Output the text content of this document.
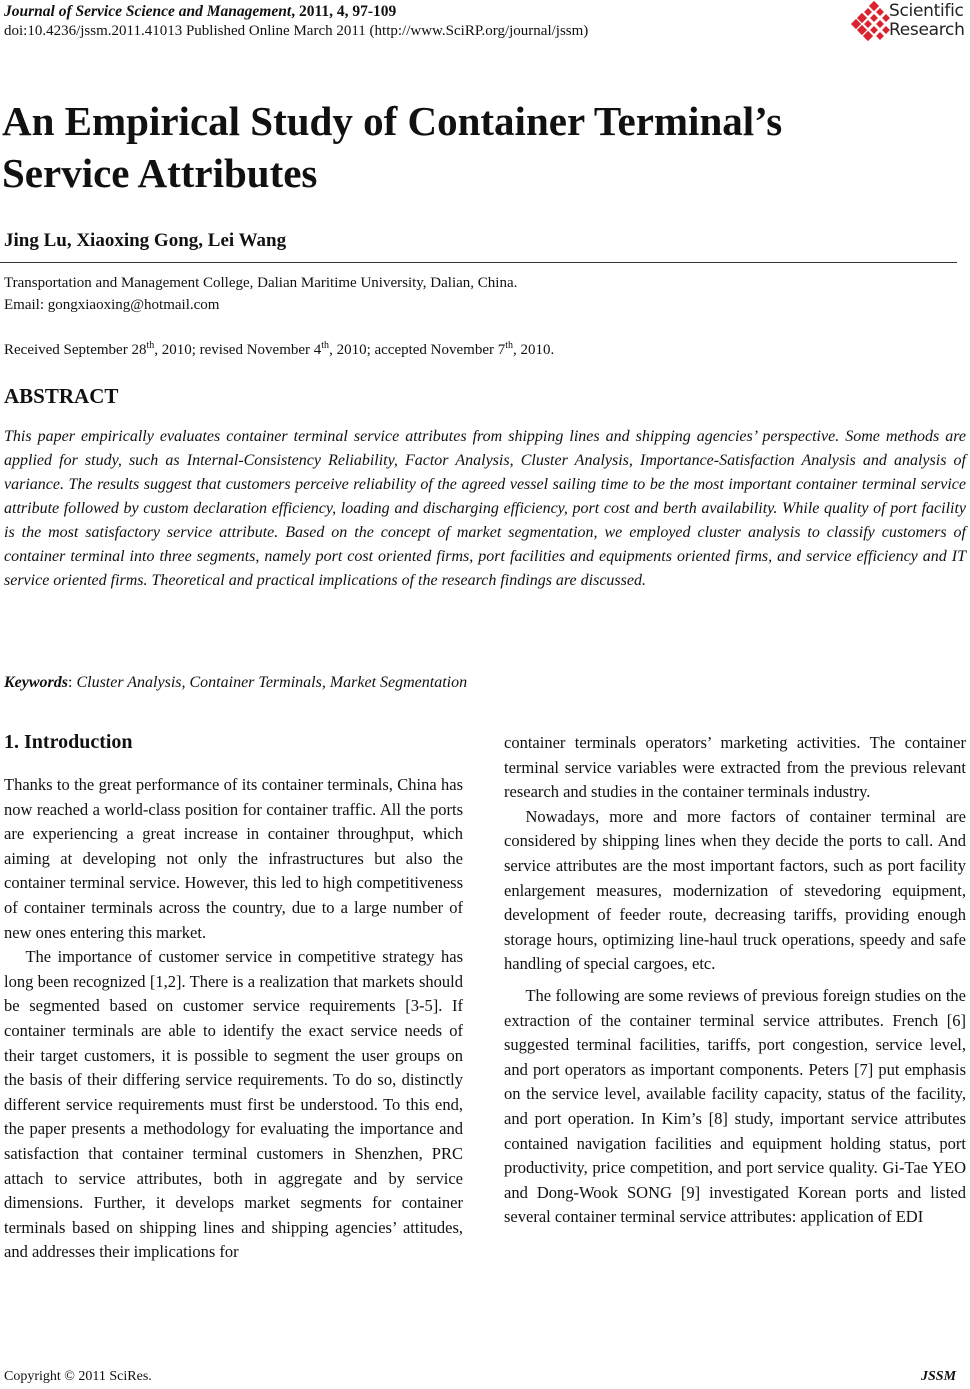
Journal of Service Science and Management, 2011, 4, 97-109
doi:10.4236/jssm.2011.41013 Published Online March 2011 (http://www.SciRP.org/journal/jssm)
Scientific
Research
An Empirical Study of Container Terminal’s
Service Attributes
Jing Lu, Xiaoxing Gong, Lei Wang
Transportation and Management College, Dalian Maritime University, Dalian, China.
Email: gongxiaoxing@hotmail.com
Received September 28th, 2010; revised November 4th, 2010; accepted November 7th, 2010.
ABSTRACT

This paper empirically evaluates container terminal service attributes from shipping lines and shipping agencies’ perspective. Some methods are applied for study, such as Internal-Consistency Reliability, Factor Analysis, Cluster Analysis, Importance-Satisfaction Analysis and analysis of variance. The results suggest that customers perceive reliability of the agreed vessel sailing time to be the most important container terminal service attribute followed by custom declaration efficiency, loading and discharging efficiency, port cost and berth availability. While quality of port facility is the most satisfactory service attribute. Based on the concept of market segmentation, we employed cluster analysis to classify customers of container terminal into three segments, namely port cost oriented firms, port facilities and equipments oriented firms, and service efficiency and IT service oriented firms. Theoretical and practical implications of the research findings are discussed.

Keywords: Cluster Analysis, Container Terminals, Market Segmentation
1. Introduction

Thanks to the great performance of its container terminals, China has now reached a world-class position for container traffic. All the ports are experiencing a great increase in container throughput, which aiming at developing not only the infrastructures but also the container terminal service. However, this led to high competitiveness of container terminals across the country, due to a large number of new ones entering this market.

The importance of customer service in competitive strategy has long been recognized [1,2]. There is a realization that markets should be segmented based on customer service requirements [3-5]. If container terminals are able to identify the exact service needs of their target customers, it is possible to segment the user groups on the basis of their differing service requirements. To do so, distinctly different service requirements must first be understood. To this end, the paper presents a methodology for evaluating the importance and satisfaction that container terminal customers in Shenzhen, PRC attach to service attributes, both in aggregate and by service dimensions. Further, it develops market segments for container terminals based on shipping lines and shipping agencies’ attitudes, and addresses their implications for

container terminals operators’ marketing activities. The container terminal service variables were extracted from the previous relevant research and studies in the container terminals industry.

Nowadays, more and more factors of container terminal are considered by shipping lines when they decide the ports to call. And service attributes are the most important factors, such as port facility enlargement measures, modernization of stevedoring equipment, development of feeder route, decreasing tariffs, providing enough storage hours, optimizing line-haul truck operations, speedy and safe handling of special cargoes, etc.

The following are some reviews of previous foreign studies on the extraction of the container terminal service attributes. French [6] suggested terminal facilities, tariffs, port congestion, service level, and port operators as important components. Peters [7] put emphasis on the service level, available facility capacity, status of the facility, and port operation. In Kim’s [8] study, important service attributes contained navigation facilities and equipment holding status, port productivity, price competition, and port service quality. Gi-Tae YEO and Dong-Wook SONG [9] investigated Korean ports and listed several container terminal service attributes: application of EDI

Copyright © 2011 SciRes.	JSSM
